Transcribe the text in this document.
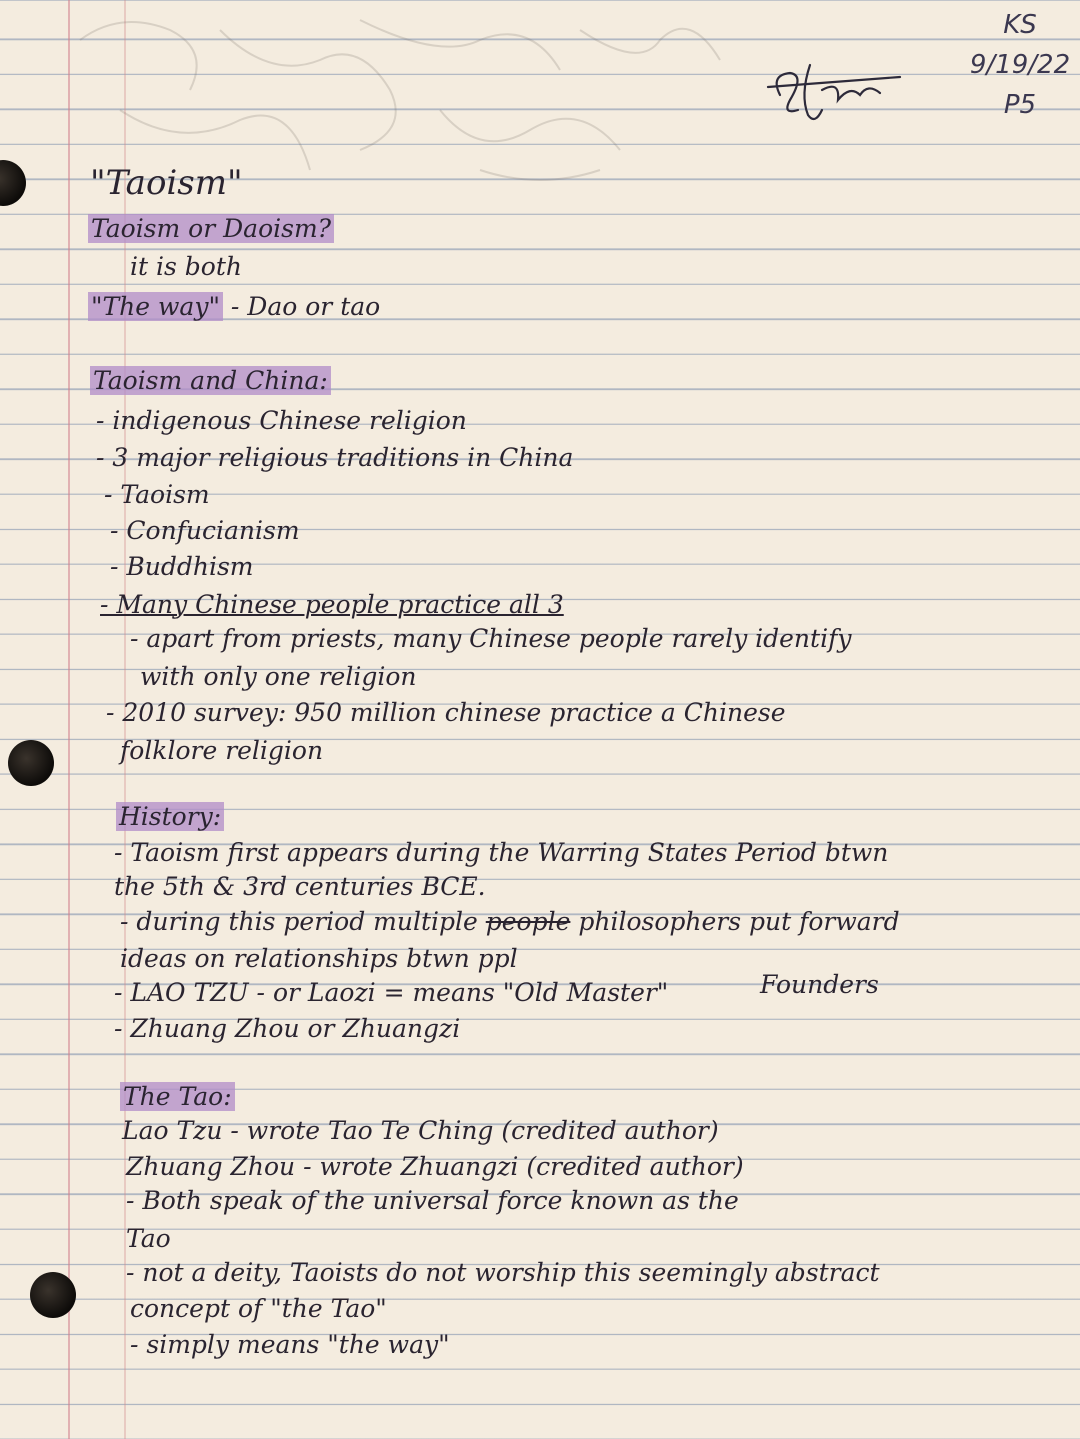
KS
9/19/22
P5
"Taoism"
Taoism or Daoism?
it is both
"The way" - Dao or tao
Taoism and China:
- indigenous Chinese religion
- 3 major religious traditions in China
- Taoism
- Confucianism
- Buddhism
- Many Chinese people practice all 3
- apart from priests, many Chinese people rarely identify
with only one religion
- 2010 survey: 950 million chinese practice a Chinese
folklore religion
History:
- Taoism first appears during the Warring States Period btwn
the 5th & 3rd centuries BCE.
- during this period multiple people philosophers put forward
ideas on relationships btwn ppl
- LAO TZU - or Laozi = means "Old Master"	Founders
- Zhuang Zhou or Zhuangzi
The Tao:
Lao Tzu - wrote Tao Te Ching (credited author)
Zhuang Zhou - wrote Zhuangzi (credited author)
- Both speak of the universal force known as the
Tao
- not a deity, Taoists do not worship this seemingly abstract
concept of "the Tao"
- simply means "the way"
